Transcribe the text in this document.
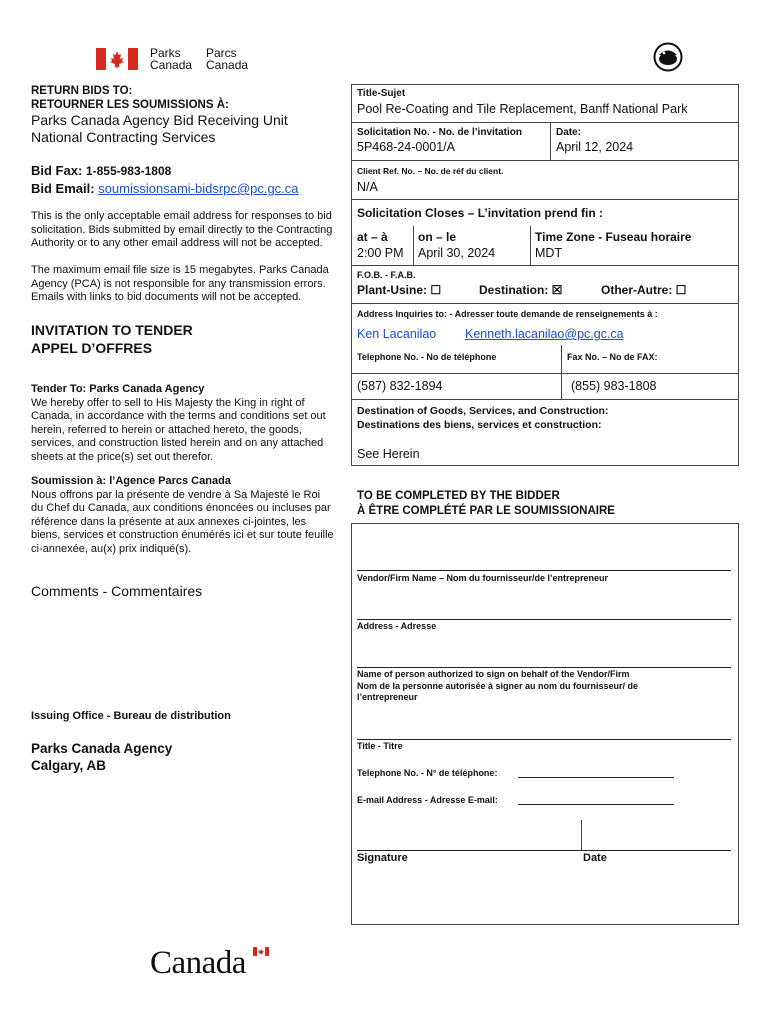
Parks
Canada
Parcs
Canada
RETURN BIDS TO:
RETOURNER LES SOUMISSIONS À:
Parks Canada Agency Bid Receiving Unit
National Contracting Services
Bid Fax: 1-855-983-1808
Bid Email: soumissionsami-bidsrpc@pc.gc.ca
This is the only acceptable email address for responses to bid
solicitation. Bids submitted by email directly to the Contracting
Authority or to any other email address will not be accepted.
The maximum email file size is 15 megabytes. Parks Canada
Agency (PCA) is not responsible for any transmission errors.
Emails with links to bid documents will not be accepted.
INVITATION TO TENDER
APPEL D’OFFRES
Tender To: Parks Canada Agency
We hereby offer to sell to His Majesty the King in right of
Canada, in accordance with the terms and conditions set out
herein, referred to herein or attached hereto, the goods,
services, and construction listed herein and on any attached
sheets at the price(s) set out therefor.
Soumission à: l’Agence Parcs Canada
Nous offrons par la présente de vendre à Sa Majesté le Roi
du Chef du Canada, aux conditions énoncées ou incluses par
référence dans la présente at aux annexes ci-jointes, les
biens, services et construction énumérés ici et sur toute feuille
ci-annexée, au(x) prix indiqué(s).
Comments - Commentaires
Issuing Office - Bureau de distribution
Parks Canada Agency
Calgary, AB
Title-Sujet
Pool Re-Coating and Tile Replacement, Banff National Park
Solicitation No. - No. de l’invitation
5P468-24-0001/A
Date:
April 12, 2024
Client Ref. No. – No. de réf du client.
N/A
Solicitation Closes – L’invitation prend fin :
at – à
2:00 PM
on – le
April 30, 2024
Time Zone - Fuseau horaire
MDT
F.O.B. - F.A.B.
Plant-Usine: ☐	Destination: ☒	Other-Autre: ☐
Address Inquiries to: - Adresser toute demande de renseignements à :
Ken Lacanilao Kenneth.lacanilao@pc.gc.ca
Telephone No. - No de téléphone	Fax No. – No de FAX:
(587) 832-1894	(855) 983-1808
Destination of Goods, Services, and Construction:
Destinations des biens, services et construction:
See Herein
TO BE COMPLETED BY THE BIDDER
À ÊTRE COMPLÉTÉ PAR LE SOUMISSIONAIRE
Vendor/Firm Name – Nom du fournisseur/de l’entrepreneur
Address - Adresse
Name of person authorized to sign on behalf of the Vendor/Firm
Nom de la personne autorisée à signer au nom du fournisseur/ de
l’entrepreneur
Title - Titre
Telephone No. - N° de téléphone:
E-mail Address - Adresse E-mail:
Signature	Date
Canada
